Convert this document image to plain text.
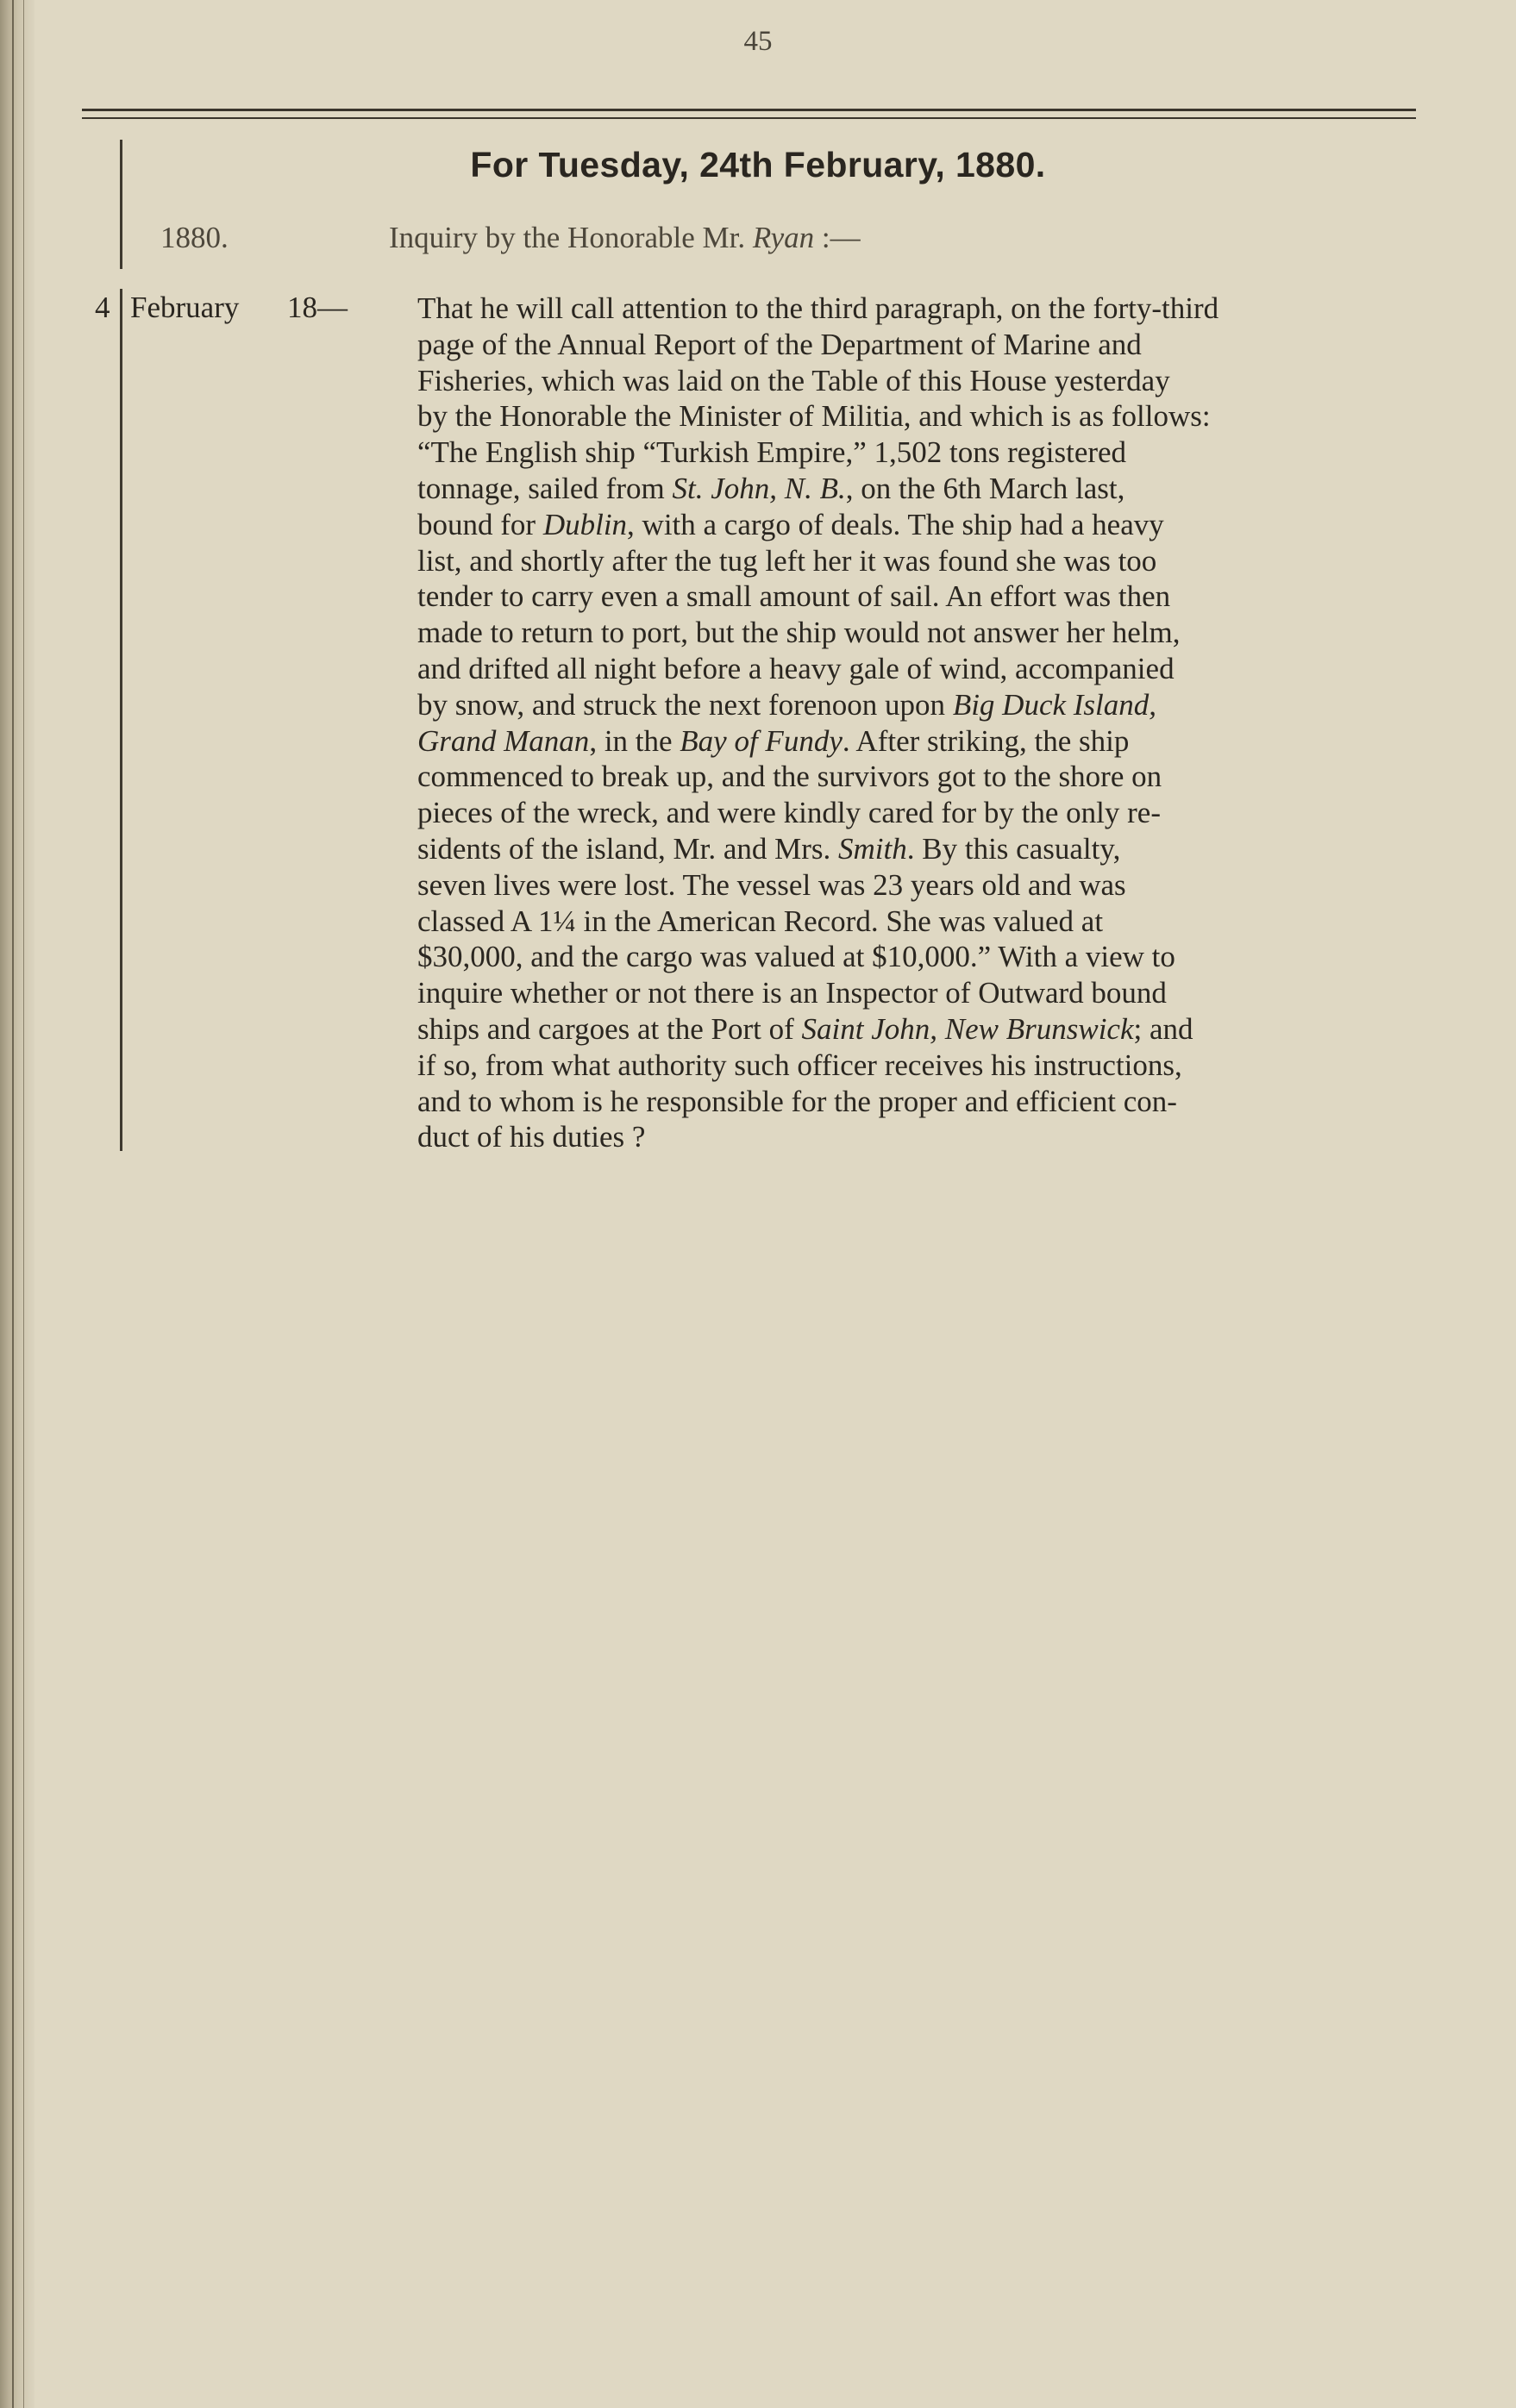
45
For Tuesday, 24th February, 1880.
1880.	Inquiry by the Honorable Mr. Ryan :—
4 February 18— That he will call attention to the third paragraph, on the forty-third
page of the Annual Report of the Department of Marine and
Fisheries, which was laid on the Table of this House yesterday
by the Honorable the Minister of Militia, and which is as follows:
“The English ship “Turkish Empire,” 1,502 tons registered
tonnage, sailed from St. John, N. B., on the 6th March last,
bound for Dublin, with a cargo of deals. The ship had a heavy
list, and shortly after the tug left her it was found she was too
tender to carry even a small amount of sail. An effort was then
made to return to port, but the ship would not answer her helm,
and drifted all night before a heavy gale of wind, accompanied
by snow, and struck the next forenoon upon Big Duck Island,
Grand Manan, in the Bay of Fundy. After striking, the ship
commenced to break up, and the survivors got to the shore on
pieces of the wreck, and were kindly cared for by the only re-
sidents of the island, Mr. and Mrs. Smith. By this casualty,
seven lives were lost. The vessel was 23 years old and was
classed A 1¼ in the American Record. She was valued at
$30,000, and the cargo was valued at $10,000.” With a view to
inquire whether or not there is an Inspector of Outward bound
ships and cargoes at the Port of Saint John, New Brunswick; and
if so, from what authority such officer receives his instructions,
and to whom is he responsible for the proper and efficient con-
duct of his duties ?
